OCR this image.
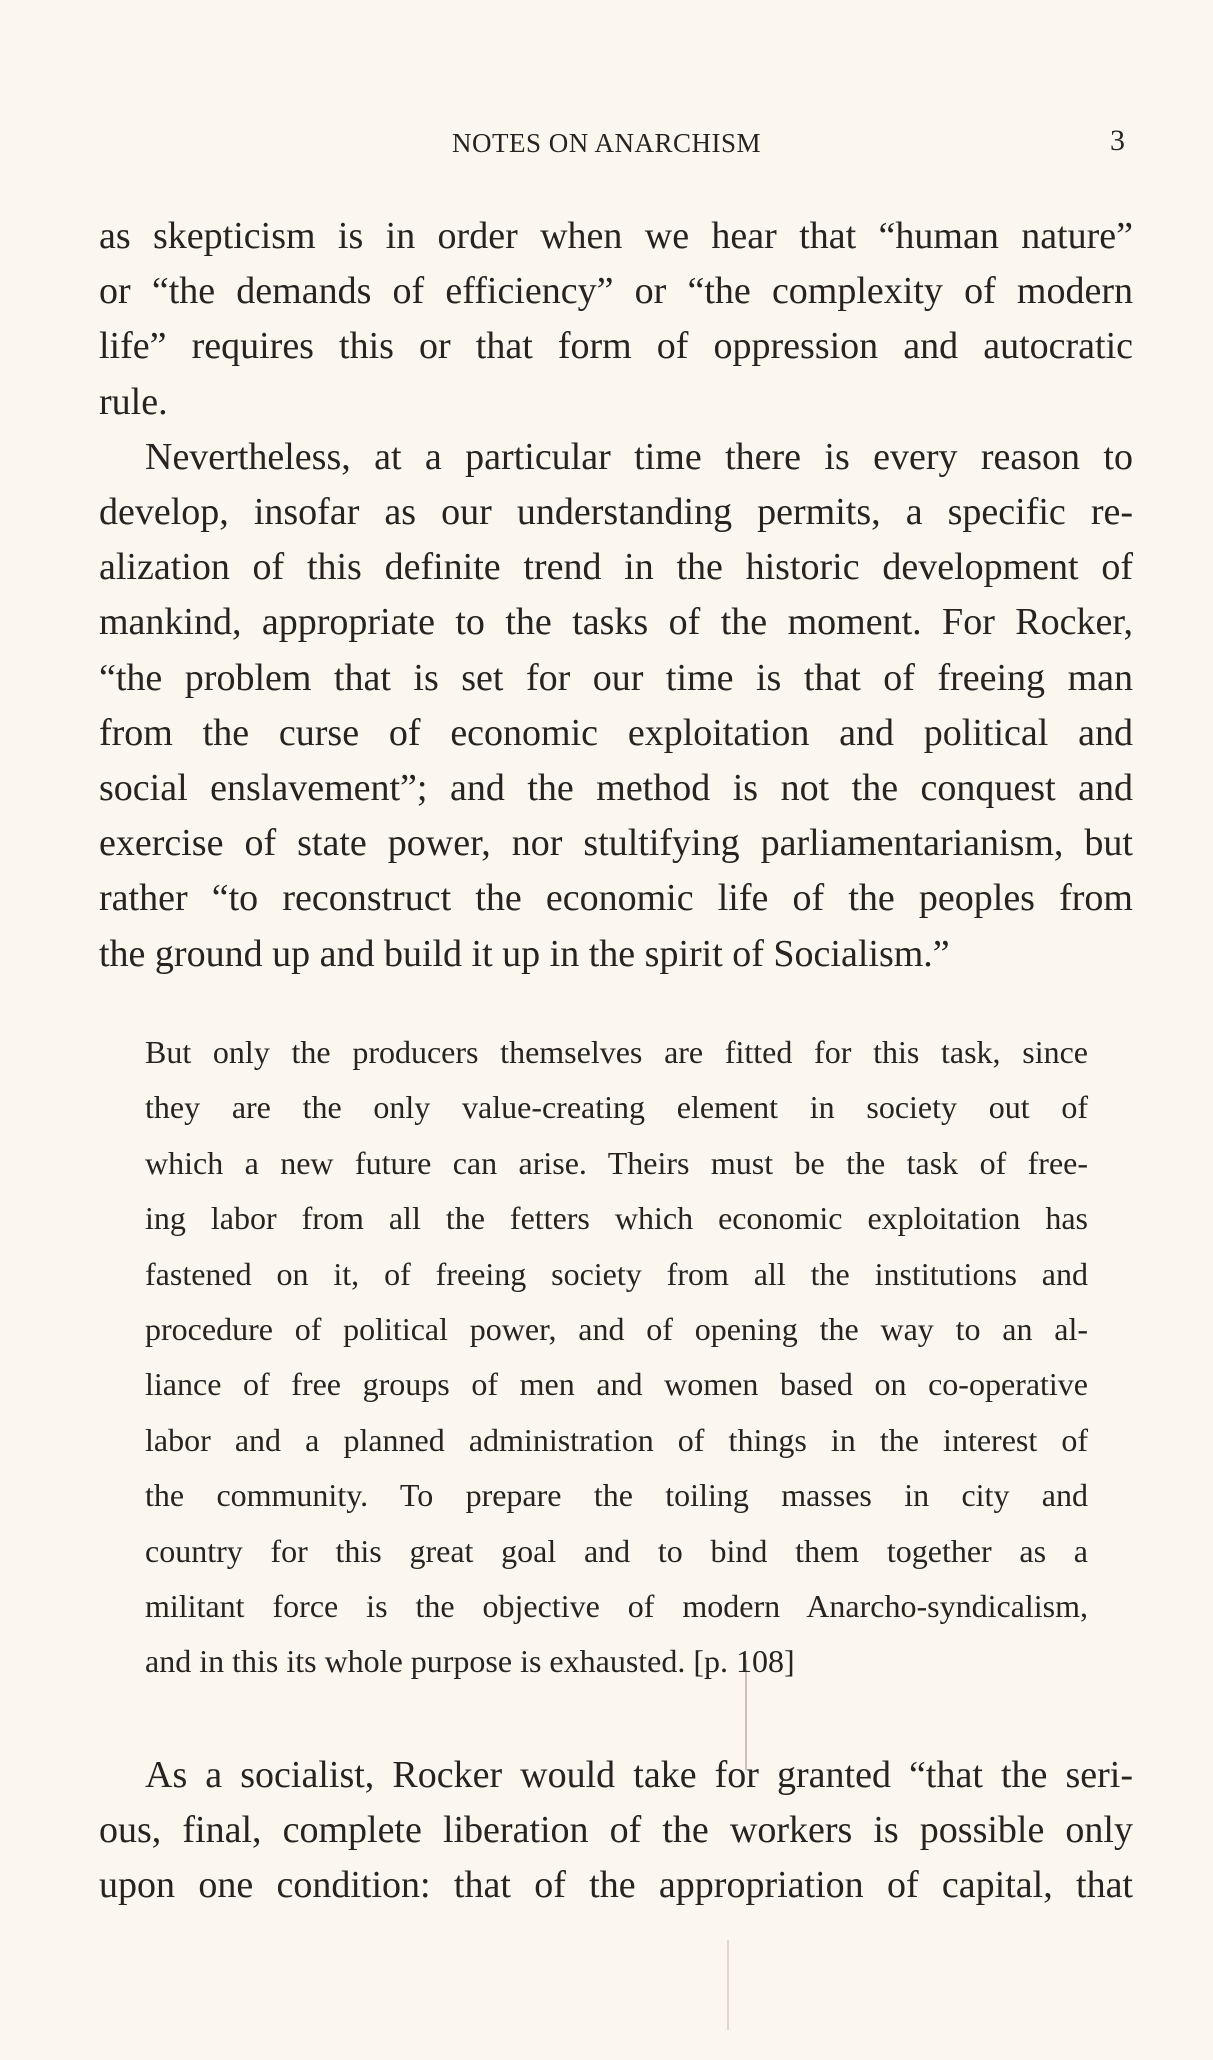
NOTES ON ANARCHISM	3
as skepticism is in order when we hear that “human nature”
or “the demands of efficiency” or “the complexity of modern
life” requires this or that form of oppression and autocratic
rule.
Nevertheless, at a particular time there is every reason to
develop, insofar as our understanding permits, a specific re-
alization of this definite trend in the historic development of
mankind, appropriate to the tasks of the moment. For Rocker,
“the problem that is set for our time is that of freeing man
from the curse of economic exploitation and political and
social enslavement”; and the method is not the conquest and
exercise of state power, nor stultifying parliamentarianism, but
rather “to reconstruct the economic life of the peoples from
the ground up and build it up in the spirit of Socialism.”
But only the producers themselves are fitted for this task, since
they are the only value-creating element in society out of
which a new future can arise. Theirs must be the task of free-
ing labor from all the fetters which economic exploitation has
fastened on it, of freeing society from all the institutions and
procedure of political power, and of opening the way to an al-
liance of free groups of men and women based on co-operative
labor and a planned administration of things in the interest of
the community. To prepare the toiling masses in city and
country for this great goal and to bind them together as a
militant force is the objective of modern Anarcho-syndicalism,
and in this its whole purpose is exhausted. [p. 108]
As a socialist, Rocker would take for granted “that the seri-
ous, final, complete liberation of the workers is possible only
upon one condition: that of the appropriation of capital, that
